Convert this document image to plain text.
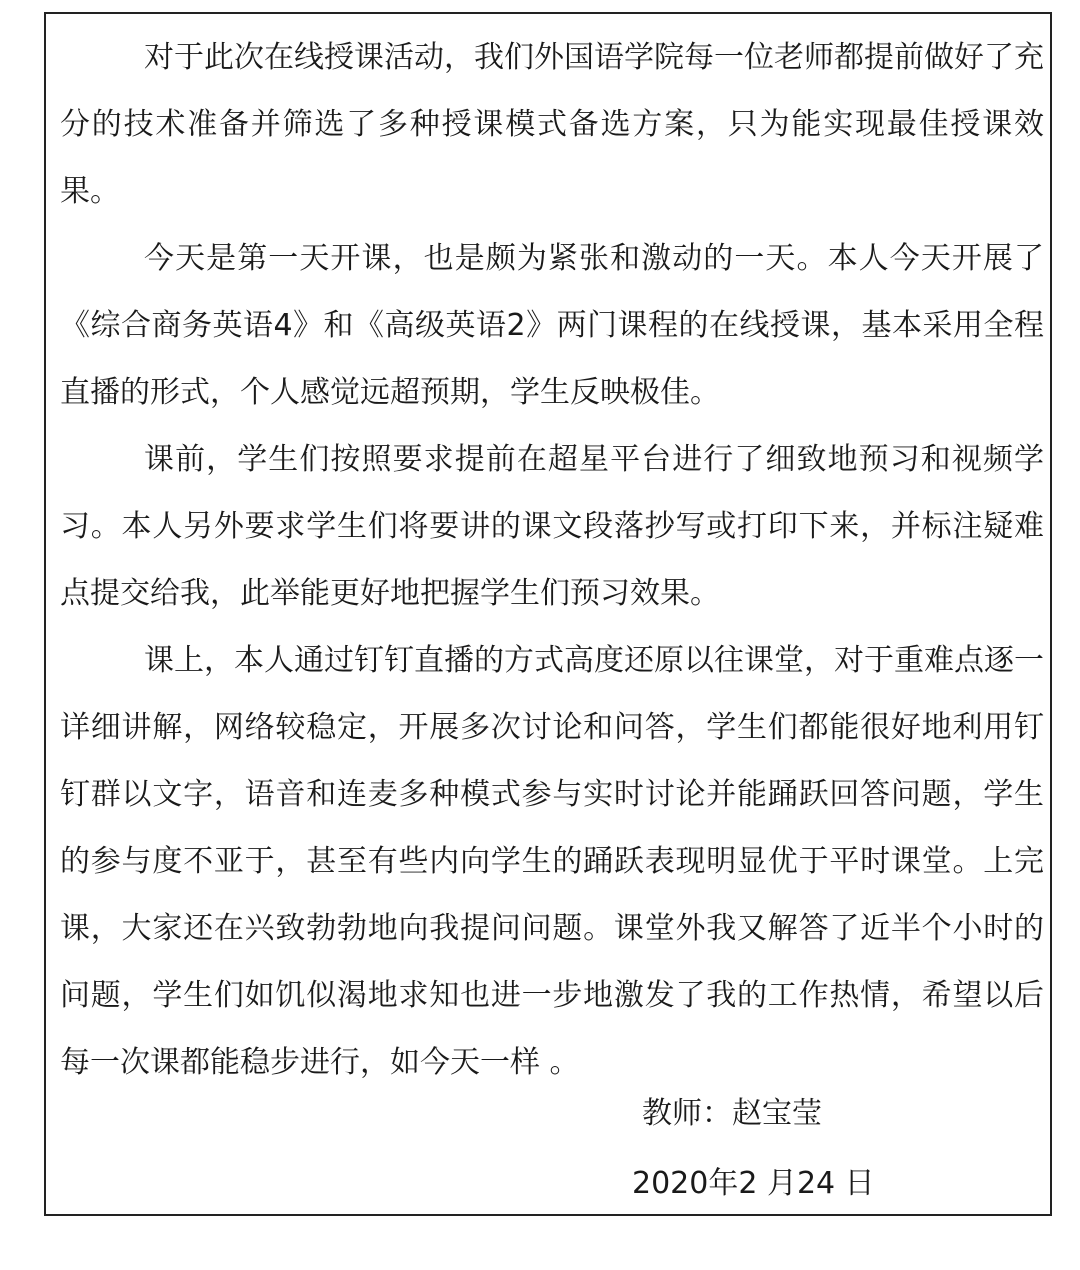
对于此次在线授课活动，我们外国语学院每一位老师都提前做好了充分的技术准备并筛选了多种授课模式备选方案，只为能实现最佳授课效果。

今天是第一天开课，也是颇为紧张和激动的一天。本人今天开展了《综合商务英语4》和《高级英语2》两门课程的在线授课，基本采用全程直播的形式，个人感觉远超预期，学生反映极佳。

课前，学生们按照要求提前在超星平台进行了细致地预习和视频学习。本人另外要求学生们将要讲的课文段落抄写或打印下来，并标注疑难点提交给我，此举能更好地把握学生们预习效果。

课上，本人通过钉钉直播的方式高度还原以往课堂，对于重难点逐一详细讲解，网络较稳定，开展多次讨论和问答，学生们都能很好地利用钉钉群以文字，语音和连麦多种模式参与实时讨论并能踊跃回答问题，学生的参与度不亚于，甚至有些内向学生的踊跃表现明显优于平时课堂。上完课，大家还在兴致勃勃地向我提问问题。课堂外我又解答了近半个小时的问题，学生们如饥似渴地求知也进一步地激发了我的工作热情，希望以后每一次课都能稳步进行，如今天一样 。

教师：赵宝莹
2020年2 月24 日
